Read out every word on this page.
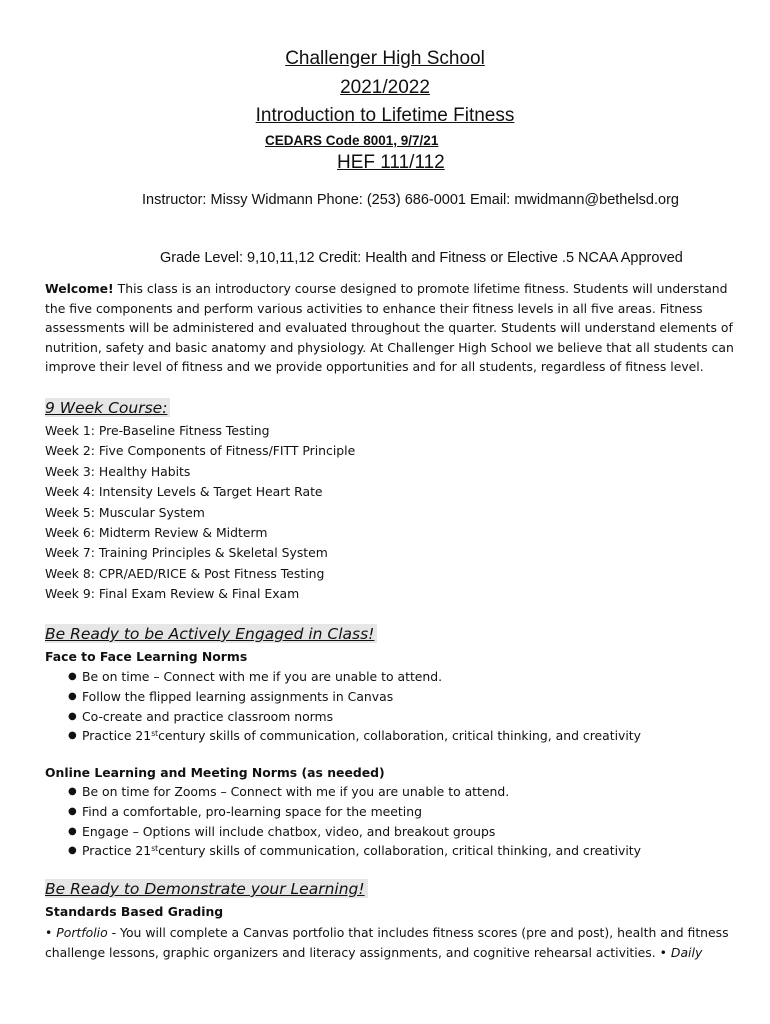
Challenger High School
2021/2022
Introduction to Lifetime Fitness
CEDARS Code 8001, 9/7/21
HEF 111/112
Instructor: Missy Widmann Phone: (253) 686-0001 Email: mwidmann@bethelsd.org
Grade Level: 9,10,11,12 Credit: Health and Fitness or Elective .5 NCAA Approved

Welcome! This class is an introductory course designed to promote lifetime fitness. Students will understand

the five components and perform various activities to enhance their fitness levels in all five areas. Fitness

assessments will be administered and evaluated throughout the quarter. Students will understand elements of

nutrition, safety and basic anatomy and physiology. At Challenger High School we believe that all students can

improve their level of fitness and we provide opportunities and for all students, regardless of fitness level.

9 Week Course:
Week 1: Pre-Baseline Fitness Testing
Week 2: Five Components of Fitness/FITT Principle
Week 3: Healthy Habits
Week 4: Intensity Levels & Target Heart Rate
Week 5: Muscular System
Week 6: Midterm Review & Midterm
Week 7: Training Principles & Skeletal System
Week 8: CPR/AED/RICE & Post Fitness Testing
Week 9: Final Exam Review & Final Exam
Be Ready to be Actively Engaged in Class!
Face to Face Learning Norms
● Be on time – Connect with me if you are unable to attend.
● Follow the flipped learning assignments in Canvas
● Co-create and practice classroom norms
● Practice 21stcentury skills of communication, collaboration, critical thinking, and creativity
Online Learning and Meeting Norms (as needed)
● Be on time for Zooms – Connect with me if you are unable to attend.
● Find a comfortable, pro-learning space for the meeting
● Engage – Options will include chatbox, video, and breakout groups
● Practice 21stcentury skills of communication, collaboration, critical thinking, and creativity
Be Ready to Demonstrate your Learning!
Standards Based Grading

• Portfolio - You will complete a Canvas portfolio that includes fitness scores (pre and post), health and fitness

challenge lessons, graphic organizers and literacy assignments, and cognitive rehearsal activities. • Daily
